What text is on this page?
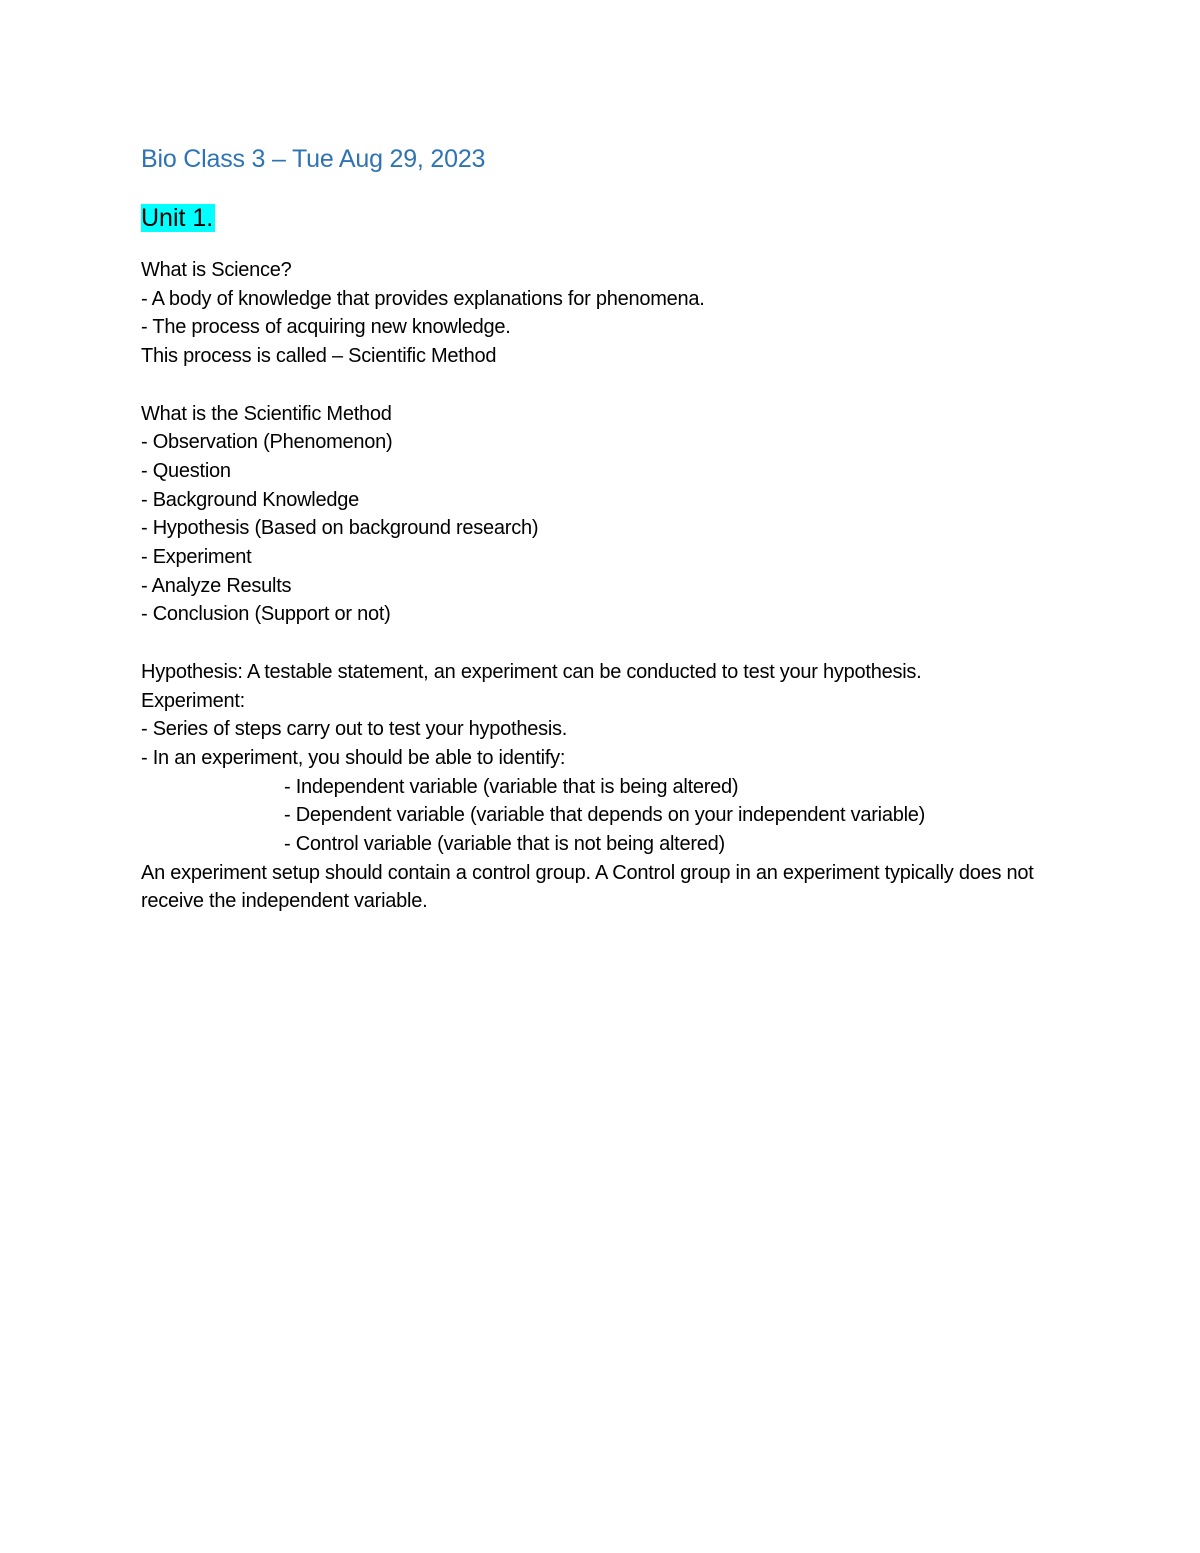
Bio Class 3 – Tue Aug 29, 2023
Unit 1.

What is Science?

- A body of knowledge that provides explanations for phenomena.

- The process of acquiring new knowledge.

This process is called – Scientific Method

What is the Scientific Method

- Observation (Phenomenon)

- Question

- Background Knowledge

- Hypothesis (Based on background research)

- Experiment

- Analyze Results

- Conclusion (Support or not)

Hypothesis: A testable statement, an experiment can be conducted to test your hypothesis.

Experiment:

- Series of steps carry out to test your hypothesis.

- In an experiment, you should be able to identify:

- Independent variable (variable that is being altered)

- Dependent variable (variable that depends on your independent variable)

- Control variable (variable that is not being altered)

An experiment setup should contain a control group. A Control group in an experiment typically does not receive the independent variable.
